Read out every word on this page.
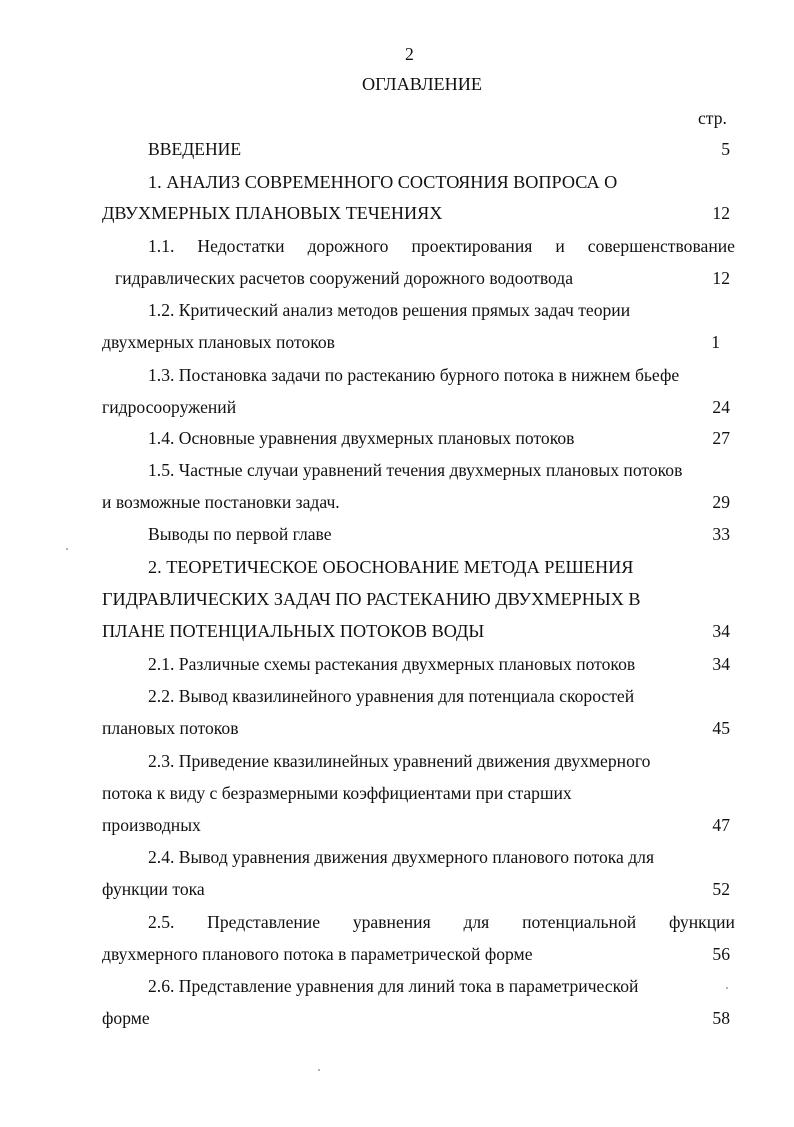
2
ОГЛАВЛЕНИЕ
стр.
ВВЕДЕНИЕ	5
1. АНАЛИЗ СОВРЕМЕННОГО СОСТОЯНИЯ ВОПРОСА О
ДВУХМЕРНЫХ ПЛАНОВЫХ ТЕЧЕНИЯХ	12
1.1. Недостатки дорожного проектирования и совершенствование
гидравлических расчетов сооружений дорожного водоотвода	12
1.2. Критический анализ методов решения прямых задач теории
двухмерных плановых потоков	1
1.3. Постановка задачи по растеканию бурного потока в нижнем бьефе
гидросооружений	24
1.4. Основные уравнения двухмерных плановых потоков	27
1.5. Частные случаи уравнений течения двухмерных плановых потоков
и возможные постановки задач.	29
Выводы по первой главе	33
2. ТЕОРЕТИЧЕСКОЕ ОБОСНОВАНИЕ МЕТОДА РЕШЕНИЯ
ГИДРАВЛИЧЕСКИХ ЗАДАЧ ПО РАСТЕКАНИЮ ДВУХМЕРНЫХ В
ПЛАНЕ ПОТЕНЦИАЛЬНЫХ ПОТОКОВ ВОДЫ	34
2.1. Различные схемы растекания двухмерных плановых потоков	34
2.2. Вывод квазилинейного уравнения для потенциала скоростей
плановых потоков	45
2.3. Приведение квазилинейных уравнений движения двухмерного
потока к виду с безразмерными коэффициентами при старших
производных	47
2.4. Вывод уравнения движения двухмерного планового потока для
функции тока	52
2.5. Представление уравнения для потенциальной функции
двухмерного планового потока в параметрической форме	56
2.6. Представление уравнения для линий тока в параметрической
форме	58
